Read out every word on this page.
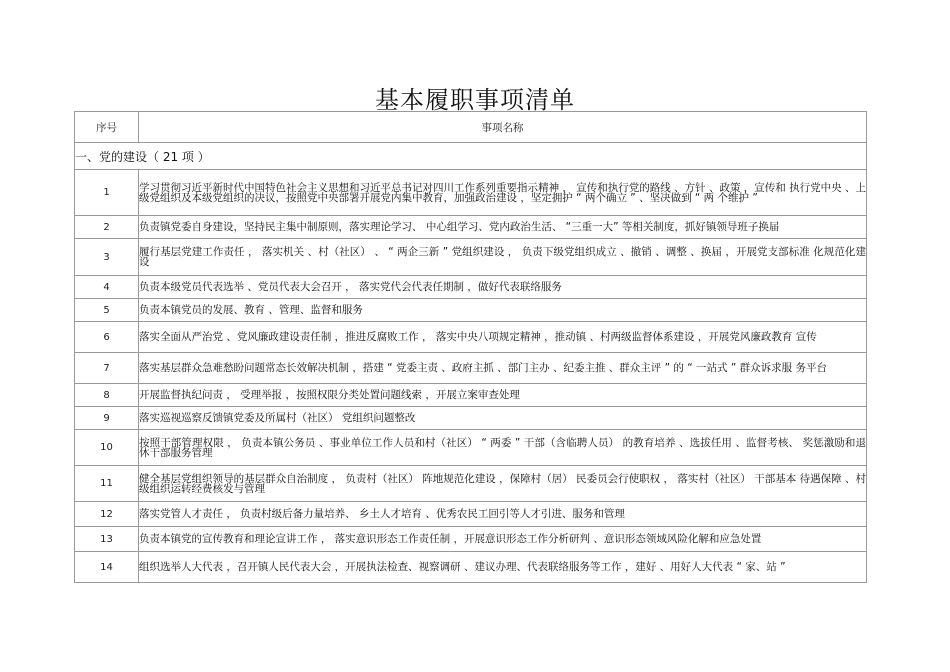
基本履职事项清单
序号	事项名称
一、党的建设（ 21 项 ）	
1	学习贯彻习近平新时代中国特色社会主义思想和习近平总书记对四川工作系列重要指示精神 ， 宣传和执行党的路线 、方针 、政策 ，宣传和 执行党中央 、上级党组织及本级党组织的决议，按照党中央部署开展党内集中教育，加强政治建设 ，坚定拥护 “ 两个确立 ” 、坚决做到 “ 两 个维护 ”
2	负责镇党委自身建设，坚持民主集中制原则，落实理论学习、 中心组学习、党内政治生活、 “三重一大” 等相关制度，抓好镇领导班子换届
3	履行基层党建工作责任 ， 落实机关 、村（社区） 、 “ 两企三新 ” 党组织建设 ， 负责下级党组织成立 、撤销 、调整 、换届 ，开展党支部标准 化规范化建设
4	负责本级党员代表选举 、党员代表大会召开 ， 落实党代会代表任期制 ，做好代表联络服务
5	负责本镇党员的发展、教育 、管理、监督和服务
6	落实全面从严治党 、党风廉政建设责任制 ，推进反腐败工作 ， 落实中央八项规定精神 ，推动镇 、村两级监督体系建设 ，开展党风廉政教育 宣传
7	落实基层群众急难愁盼问题常态长效解决机制 ，搭建 “ 党委主责 、政府主抓 、部门主办 、纪委主推 、群众主评 ” 的 “ 一站式 ” 群众诉求服 务平台
8	开展监督执纪问责 ， 受理举报 ，按照权限分类处置问题线索 ，开展立案审查处理
9	落实巡视巡察反馈镇党委及所属村（社区） 党组织问题整改
10	按照干部管理权限 ， 负责本镇公务员 、事业单位工作人员和村（社区） “ 两委 ” 干部（含临聘人员） 的教育培养 、选拔任用 、监督考核、 奖惩激励和退休干部服务管理
11	健全基层党组织领导的基层群众自治制度 ， 负责村（社区） 阵地规范化建设 ，保障村（居） 民委员会行使职权 ， 落实村（社区） 干部基本 待遇保障 、村级组织运转经费核发与管理
12	落实党管人才责任 ， 负责村级后备力量培养、 乡土人才培育 、优秀农民工回引等人才引进、服务和管理
13	负责本镇党的宣传教育和理论宣讲工作 ， 落实意识形态工作责任制 ，开展意识形态工作分析研判 、意识形态领域风险化解和应急处置
14	组织选举人大代表 ，召开镇人民代表大会 ，开展执法检查、视察调研 、建议办理、代表联络服务等工作 ，建好 、用好人大代表 “ 家、站 ”
